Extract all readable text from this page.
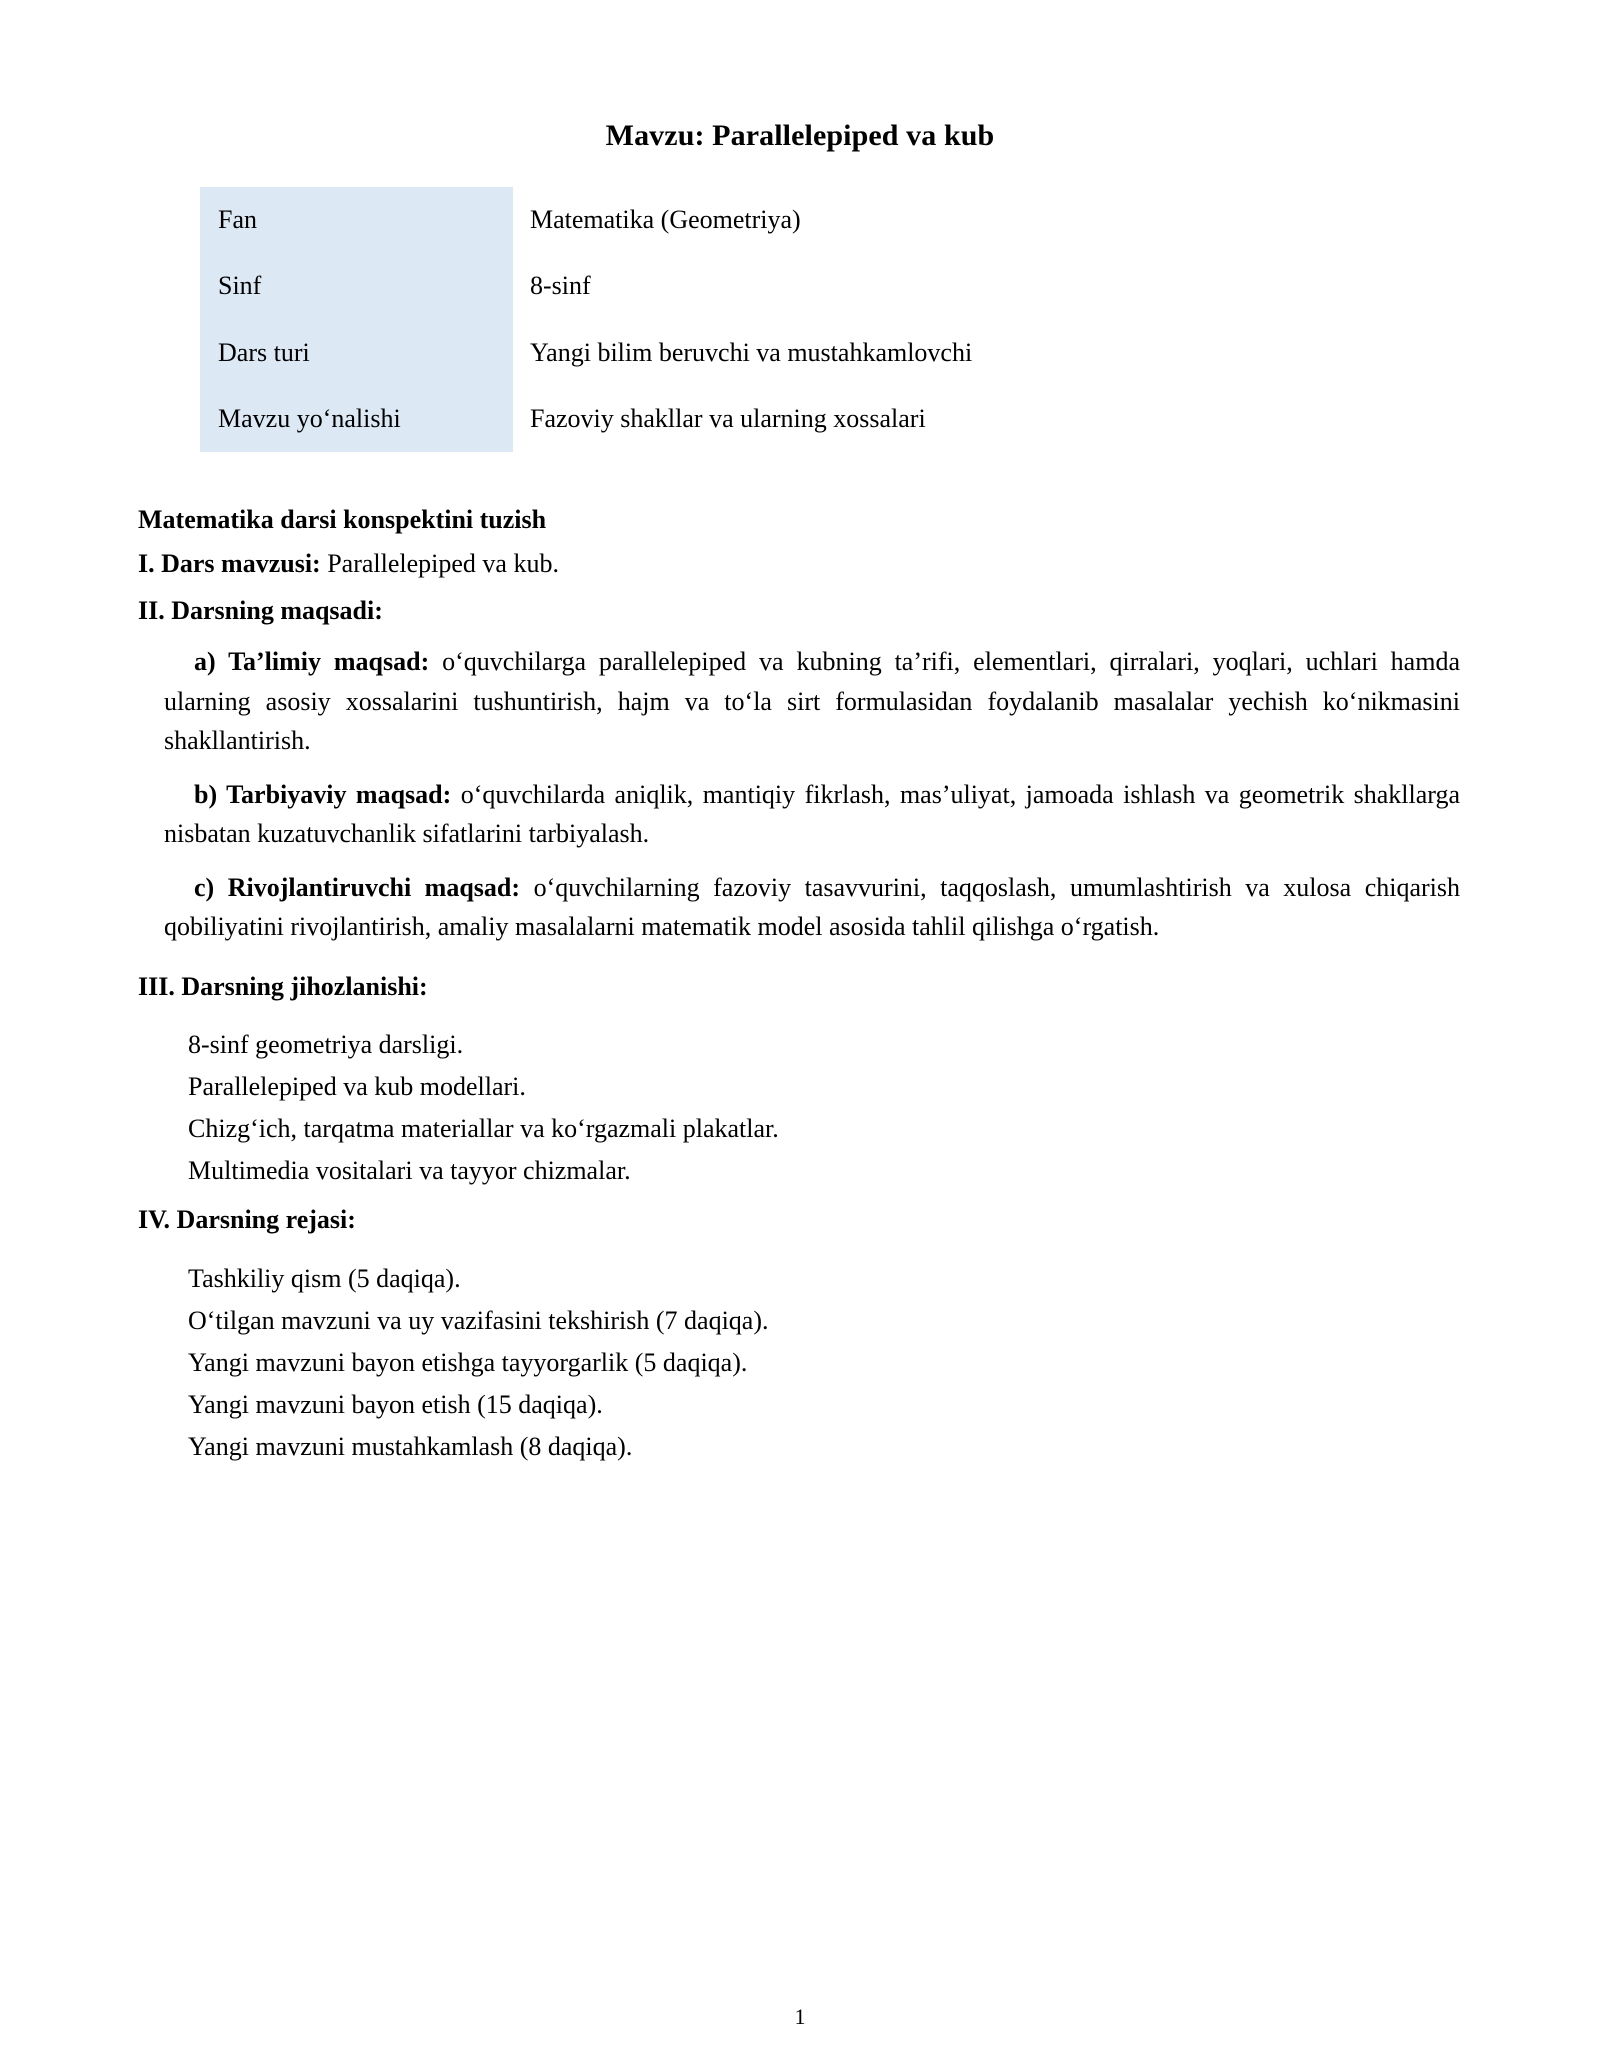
Mavzu: Parallelepiped va kub
Fan	Matematika (Geometriya)
Sinf	8-sinf
Dars turi	Yangi bilim beruvchi va mustahkamlovchi
Mavzu yo‘nalishi	Fazoviy shakllar va ularning xossalari

Matematika darsi konspektini tuzish

I. Dars mavzusi: Parallelepiped va kub.

II. Darsning maqsadi:

a) Ta’limiy maqsad: o‘quvchilarga parallelepiped va kubning ta’rifi, elementlari, qirralari, yoqlari, uchlari hamda ularning asosiy xossalarini tushuntirish, hajm va to‘la sirt formulasidan foydalanib masalalar yechish ko‘nikmasini shakllantirish.

b) Tarbiyaviy maqsad: o‘quvchilarda aniqlik, mantiqiy fikrlash, mas’uliyat, jamoada ishlash va geometrik shakllarga nisbatan kuzatuvchanlik sifatlarini tarbiyalash.

c) Rivojlantiruvchi maqsad: o‘quvchilarning fazoviy tasavvurini, taqqoslash, umumlashtirish va xulosa chiqarish qobiliyatini rivojlantirish, amaliy masalalarni matematik model asosida tahlil qilishga o‘rgatish.

III. Darsning jihozlanishi:

8-sinf geometriya darsligi.
Parallelepiped va kub modellari.
Chizg‘ich, tarqatma materiallar va ko‘rgazmali plakatlar.
Multimedia vositalari va tayyor chizmalar.

IV. Darsning rejasi:

Tashkiliy qism (5 daqiqa).
O‘tilgan mavzuni va uy vazifasini tekshirish (7 daqiqa).
Yangi mavzuni bayon etishga tayyorgarlik (5 daqiqa).
Yangi mavzuni bayon etish (15 daqiqa).
Yangi mavzuni mustahkamlash (8 daqiqa).
1
